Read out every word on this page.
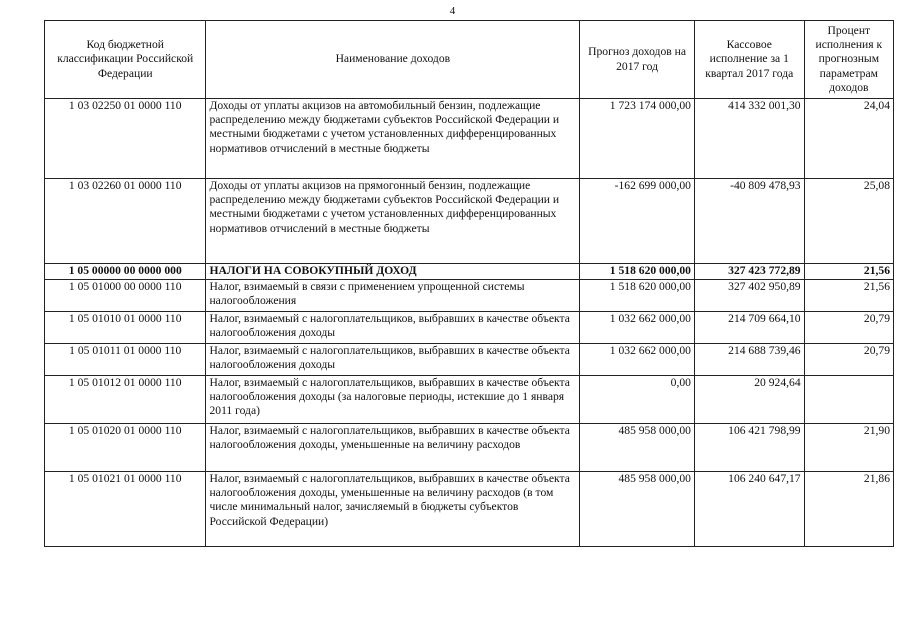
4
Код бюджетной классификации Российской Федерации	Наименование доходов	Прогноз доходов на 2017 год	Кассовое исполнение за 1 квартал 2017 года	Процент исполнения к прогнозным параметрам доходов
1 03 02250 01 0000 110	Доходы от уплаты акцизов на автомобильный бензин, подлежащие распределению между бюджетами субъектов Российской Федерации и местными бюджетами с учетом установленных дифференцированных нормативов отчислений в местные бюджеты	1 723 174 000,00	414 332 001,30	24,04
1 03 02260 01 0000 110	Доходы от уплаты акцизов на прямогонный бензин, подлежащие распределению между бюджетами субъектов Российской Федерации и местными бюджетами с учетом установленных дифференцированных нормативов отчислений в местные бюджеты	-162 699 000,00	-40 809 478,93	25,08
1 05 00000 00 0000 000	НАЛОГИ НА СОВОКУПНЫЙ ДОХОД	1 518 620 000,00	327 423 772,89	21,56
1 05 01000 00 0000 110	Налог, взимаемый в связи с применением упрощенной системы налогообложения	1 518 620 000,00	327 402 950,89	21,56
1 05 01010 01 0000 110	Налог, взимаемый с налогоплательщиков, выбравших в качестве объекта налогообложения доходы	1 032 662 000,00	214 709 664,10	20,79
1 05 01011 01 0000 110	Налог, взимаемый с налогоплательщиков, выбравших в качестве объекта налогообложения доходы	1 032 662 000,00	214 688 739,46	20,79
1 05 01012 01 0000 110	Налог, взимаемый с налогоплательщиков, выбравших в качестве объекта налогообложения доходы (за налоговые периоды, истекшие до 1 января 2011 года)	0,00	20 924,64	
1 05 01020 01 0000 110	Налог, взимаемый с налогоплательщиков, выбравших в качестве объекта налогообложения доходы, уменьшенные на величину расходов	485 958 000,00	106 421 798,99	21,90
1 05 01021 01 0000 110	Налог, взимаемый с налогоплательщиков, выбравших в качестве объекта налогообложения доходы, уменьшенные на величину расходов (в том числе минимальный налог, зачисляемый в бюджеты субъектов Российской Федерации)	485 958 000,00	106 240 647,17	21,86
